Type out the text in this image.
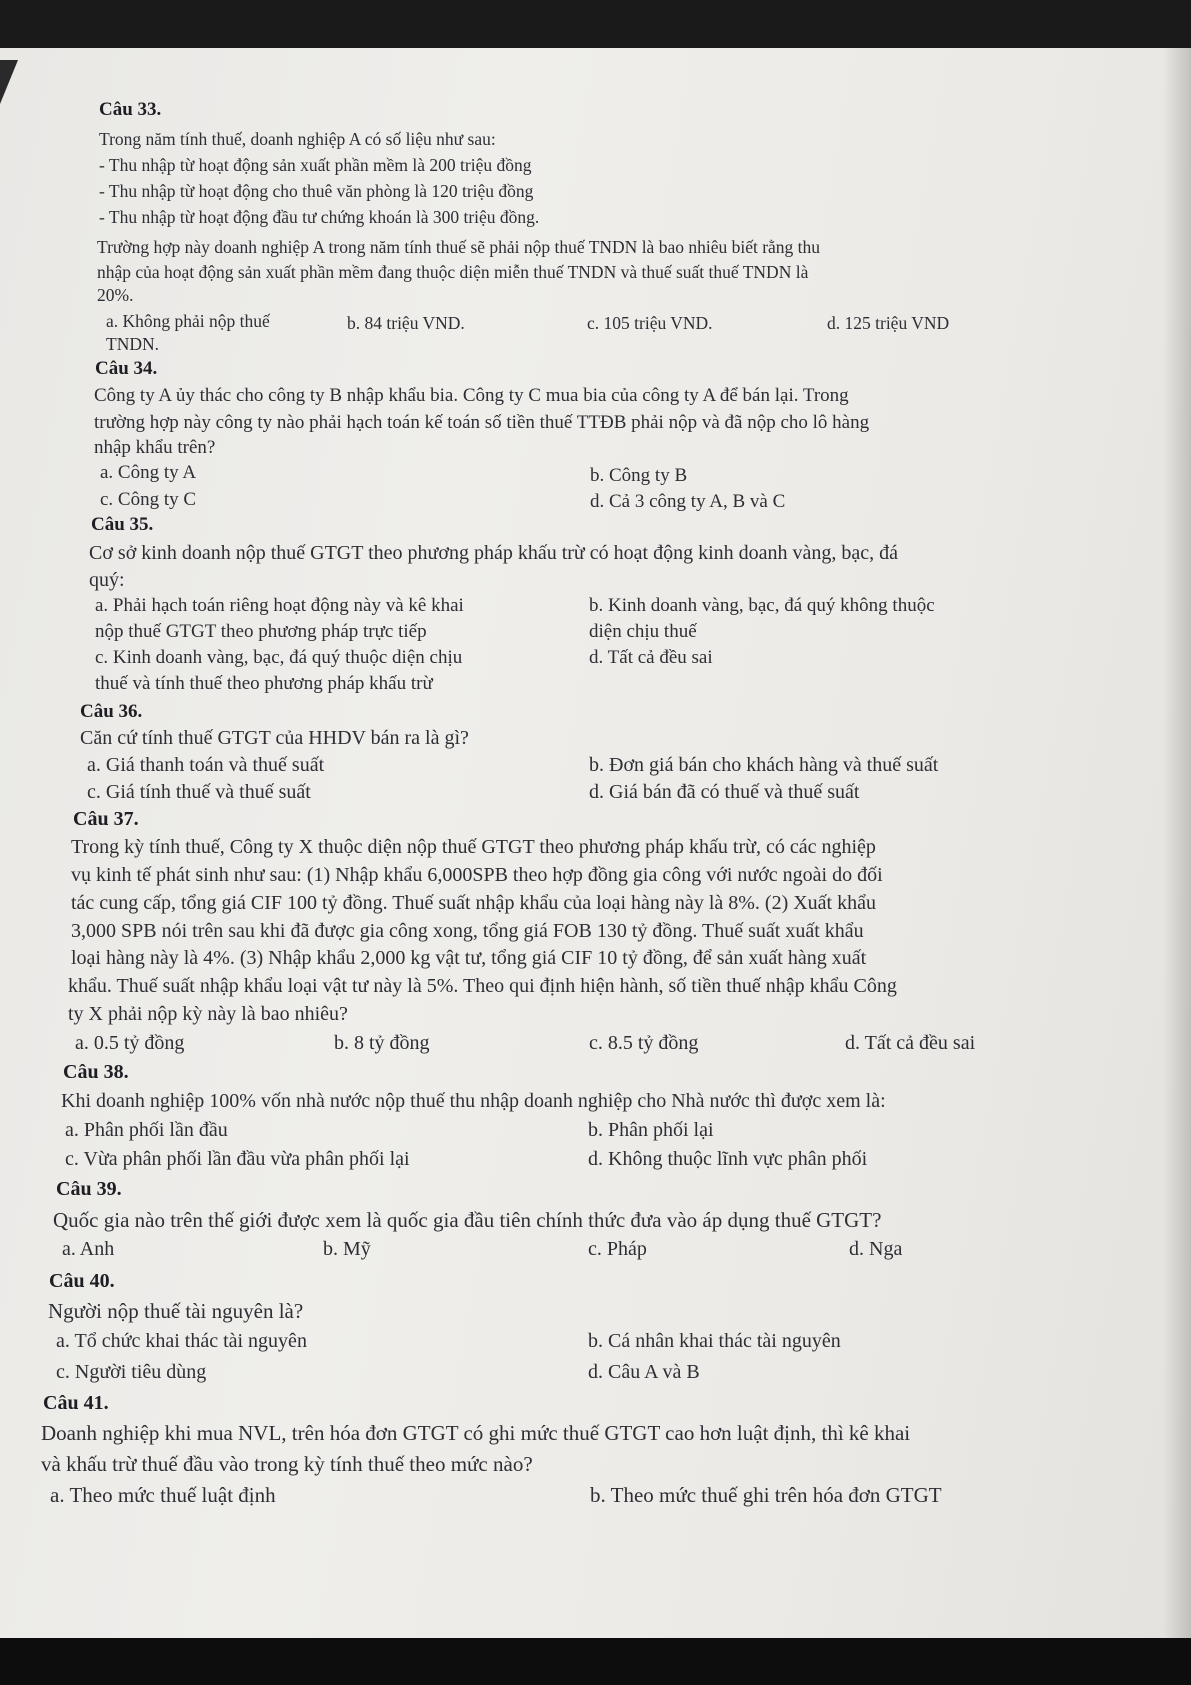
Câu 33.

Trong năm tính thuế, doanh nghiệp A có số liệu như sau:

- Thu nhập từ hoạt động sản xuất phần mềm là 200 triệu đồng

- Thu nhập từ hoạt động cho thuê văn phòng là 120 triệu đồng

- Thu nhập từ hoạt động đầu tư chứng khoán là 300 triệu đồng.

Trường hợp này doanh nghiệp A trong năm tính thuế sẽ phải nộp thuế TNDN là bao nhiêu biết rằng thu

nhập của hoạt động sản xuất phần mềm đang thuộc diện miễn thuế TNDN và thuế suất thuế TNDN là

20%.

a. Không phải nộp thuế

TNDN.

b. 84 triệu VND.	c. 105 triệu VND.	d. 125 triệu VND

Câu 34.

Công ty A ủy thác cho công ty B nhập khẩu bia. Công ty C mua bia của công ty A để bán lại. Trong

trường hợp này công ty nào phải hạch toán kế toán số tiền thuế TTĐB phải nộp và đã nộp cho lô hàng

nhập khẩu trên?

a. Công ty A	b. Công ty B

c. Công ty C	d. Cả 3 công ty A, B và C

Câu 35.

Cơ sở kinh doanh nộp thuế GTGT theo phương pháp khấu trừ có hoạt động kinh doanh vàng, bạc, đá

quý:

a. Phải hạch toán riêng hoạt động này và kê khai

nộp thuế GTGT theo phương pháp trực tiếp

b. Kinh doanh vàng, bạc, đá quý không thuộc

diện chịu thuế

c. Kinh doanh vàng, bạc, đá quý thuộc diện chịu

thuế và tính thuế theo phương pháp khấu trừ

d. Tất cả đều sai

Câu 36.

Căn cứ tính thuế GTGT của HHDV bán ra là gì?

a. Giá thanh toán và thuế suất	b. Đơn giá bán cho khách hàng và thuế suất

c. Giá tính thuế và thuế suất	d. Giá bán đã có thuế và thuế suất

Câu 37.

Trong kỳ tính thuế, Công ty X thuộc diện nộp thuế GTGT theo phương pháp khấu trừ, có các nghiệp

vụ kinh tế phát sinh như sau: (1) Nhập khẩu 6,000SPB theo hợp đồng gia công với nước ngoài do đối

tác cung cấp, tổng giá CIF 100 tỷ đồng. Thuế suất nhập khẩu của loại hàng này là 8%. (2) Xuất khẩu

3,000 SPB nói trên sau khi đã được gia công xong, tổng giá FOB 130 tỷ đồng. Thuế suất xuất khẩu

loại hàng này là 4%. (3) Nhập khẩu 2,000 kg vật tư, tổng giá CIF 10 tỷ đồng, để sản xuất hàng xuất

khẩu. Thuế suất nhập khẩu loại vật tư này là 5%. Theo qui định hiện hành, số tiền thuế nhập khẩu Công

ty X phải nộp kỳ này là bao nhiêu?

a. 0.5 tỷ đồng	b. 8 tỷ đồng	c. 8.5 tỷ đồng	d. Tất cả đều sai

Câu 38.

Khi doanh nghiệp 100% vốn nhà nước nộp thuế thu nhập doanh nghiệp cho Nhà nước thì được xem là:

a. Phân phối lần đầu	b. Phân phối lại

c. Vừa phân phối lần đầu vừa phân phối lại	d. Không thuộc lĩnh vực phân phối

Câu 39.

Quốc gia nào trên thế giới được xem là quốc gia đầu tiên chính thức đưa vào áp dụng thuế GTGT?

a. Anh	b. Mỹ	c. Pháp	d. Nga

Câu 40.

Người nộp thuế tài nguyên là?

a. Tổ chức khai thác tài nguyên	b. Cá nhân khai thác tài nguyên

c. Người tiêu dùng	d. Câu A và B

Câu 41.

Doanh nghiệp khi mua NVL, trên hóa đơn GTGT có ghi mức thuế GTGT cao hơn luật định, thì kê khai

và khấu trừ thuế đầu vào trong kỳ tính thuế theo mức nào?

a. Theo mức thuế luật định	b. Theo mức thuế ghi trên hóa đơn GTGT
